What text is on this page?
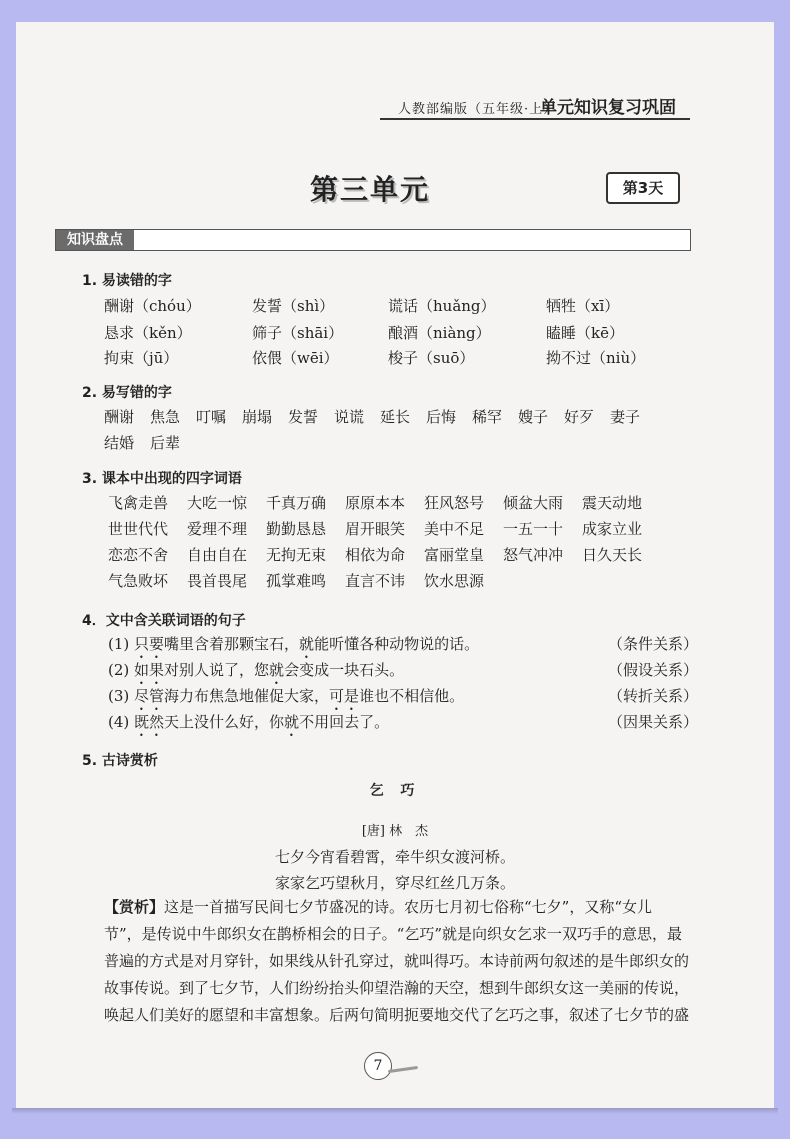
人教部编版（五年级·上）
单元知识复习巩固
第三单元	第3天
知识盘点
1. 易读错的字
酬谢（chóu）	发誓（shì）	谎话（huǎng）	牺牲（xī）
恳求（kěn）	筛子（shāi）	酿酒（niàng）	瞌睡（kē）
拘束（jū）	依偎（wēi）	梭子（suō）	拗不过（niù）
2. 易写错的字
酬谢 焦急 叮嘱 崩塌 发誓 说谎 延长 后悔 稀罕 嫂子 好歹 妻子
结婚 后辈
3. 课本中出现的四字词语
飞禽走兽 大吃一惊 千真万确 原原本本 狂风怒号 倾盆大雨 震天动地
世世代代 爱理不理 勤勤恳恳 眉开眼笑 美中不足 一五一十 成家立业
恋恋不舍 自由自在 无拘无束 相依为命 富丽堂皇 怒气冲冲 日久天长
气急败坏 畏首畏尾 孤掌难鸣 直言不讳 饮水思源
4．文中含关联词语的句子
(1) 只要嘴里含着那颗宝石，就能听懂各种动物说的话。	（条件关系）
(2) 如果对别人说了，您就会变成一块石头。	（假设关系）
(3) 尽管海力布焦急地催促大家，可是谁也不相信他。	（转折关系）
(4) 既然天上没什么好，你就不用回去了。	（因果关系）
5. 古诗赏析
乞 巧
[唐] 林　杰
七夕今宵看碧霄，牵牛织女渡河桥。
家家乞巧望秋月，穿尽红丝几万条。
【赏析】这是一首描写民间七夕节盛况的诗。农历七月初七俗称“七夕”，又称“女儿
节”，是传说中牛郎织女在鹊桥相会的日子。“乞巧”就是向织女乞求一双巧手的意思，最
普遍的方式是对月穿针，如果线从针孔穿过，就叫得巧。本诗前两句叙述的是牛郎织女的
故事传说。到了七夕节，人们纷纷抬头仰望浩瀚的天空，想到牛郎织女这一美丽的传说，
唤起人们美好的愿望和丰富想象。后两句简明扼要地交代了乞巧之事，叙述了七夕节的盛
7
